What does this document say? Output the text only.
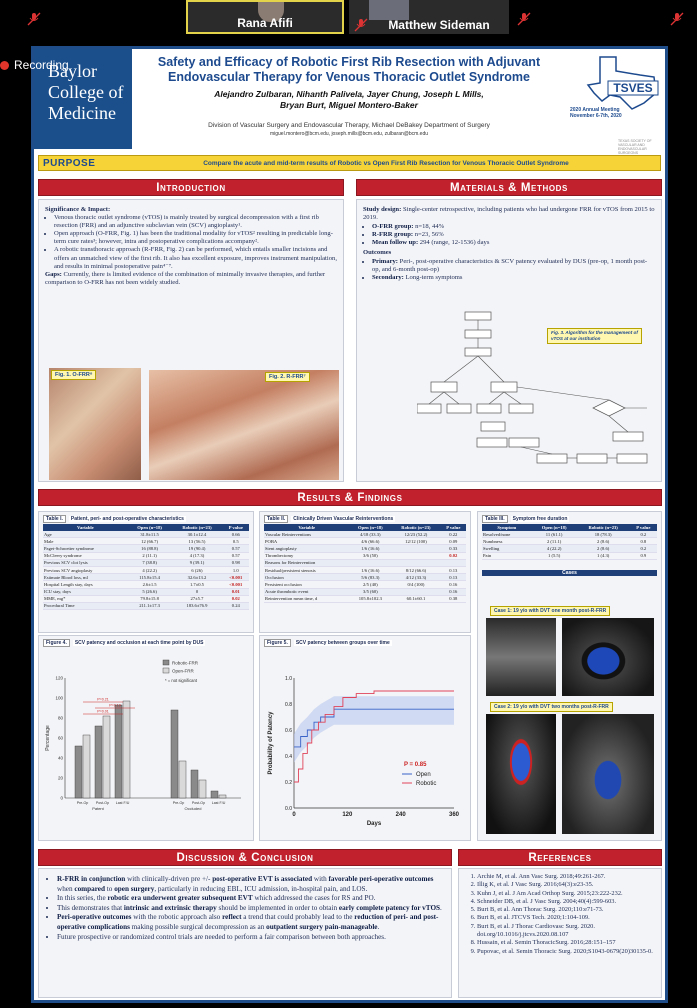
Rana Afifi	Matthew Sideman
Recording
Baylor
College of
Medicine
Safety and Efficacy of Robotic First Rib Resection with Adjuvant
Endovascular Therapy for Venous Thoracic Outlet Syndrome
Alejandro Zulbaran, Nihanth Palivela, Jayer Chung, Joseph L Mills,
Bryan Burt, Miguel Montero-Baker
Division of Vascular Surgery and Endovascular Therapy, Michael DeBakey Department of Surgery
miguel.montero@bcm.edu, joseph.mills@bcm.edu, zulbaran@bcm.edu
TSVES
2020 Annual Meeting
November 6-7th, 2020
TEXAS SOCIETY OF VASCULAR AND ENDOVASCULAR SURGEONS
PURPOSE	Compare the acute and mid-term results of Robotic vs Open First Rib Resection for Venous Thoracic Outlet Syndrome
Introduction
Significance & Impact:
• Venous thoracic outlet syndrome (vTOS) is mainly treated by surgical decompression with a first rib resection (FRR) and an adjunctive subclavian vein (SCV) angioplasty¹.
• Open approach (O-FRR, Fig. 1) has been the traditional modality for vTOS² resulting in predictable long-term cure rates³; however, intra and postoperative complications accompany².
• A robotic transthoracic approach (R-FRR, Fig. 2) can be performed, which entails smaller incisions and offers an unmatched view of the first rib. It also has excellent exposure, improves instrument manipulation, and results in minimal postoperative pain⁴⁻⁷.
Gaps: Currently, there is limited evidence of the combination of minimally invasive therapies, and further comparison to O-FRR has not been widely studied.
Fig. 1. O-FRR⁸	Fig. 2. R-FRR⁷
Materials & Methods
Study design: Single-center retrospective, including patients who had undergone FRR for vTOS from 2015 to 2019.
• O-FRR group: n=18, 44%
• R-FRR group: n=23, 56%
• Mean follow up: 294 (range, 12-1536) days
Outcomes
• Primary: Peri-, post-operative characteristics & SCV patency evaluated by DUS (pre-op, 1 month post-op, and 6-month post-op)
• Secondary: Long-term symptoms
Fig. 3. Algorithm for the management of vTOS at our institution
Results & Findings
Table I. Patient, peri- and post-operative characteristics
Variable	Open (n=18)	Robotic (n=23)	P value
Age	31.8±11.5	30.1±12.4	0.66
Male	12 (66.7)	13 (56.5)	0.5
Paget-Schroetter syndrome	16 (88.8)	19 (90.4)	0.57
McCleery syndrome	2 (11.1)	4 (17.3)	0.57
Previous SCV clot lysis	7 (38.8)	9 (39.1)	0.98
Previous SCV angioplasty	4 (22.2)	6 (26)	1.0
Estimate Blood loss, ml	115.8±15.4	32.6±13.2	<0.001
Hospital Length stay, days	2.6±1.5	1.7±0.5	<0.001
ICU stay, days	5 (26.6)	0	0.01
MME, mg*	79.8±15.8	27±5.7	0.02
Procedural Time	211.1±17.3	183.6±76.9	0.24
Table II. Clinically Driven Vascular Reinterventions
Variable	Open (n=18)	Robotic (n=23)	P value
Vascular Reinterventions	4/18 (33.3)	12/23 (52.2)	0.22
POBA	4/6 (66.6)	12/12 (100)	0.09
Stent angioplasty	1/6 (16.6)		0.33
Thrombectomy	3/6 (50)		0.02
Reasons for Reintervention			
Residual/persistent stenosis	1/6 (16.6)	8/12 (66.6)	0.13
Occlusion	5/6 (83.3)	4/12 (33.3)	0.13
Persistent occlusion	2/5 (40)	0/4 (100)	0.16
Acute thrombotic event	3/5 (60)		0.16
Reintervention mean time, d	105.8±102.3	60.1±60.1	0.38
Table III. Symptom free duration
Symptom	Open (n=18)	Robotic (n=23)	P value
Resolved/none	11 (61.1)	18 (78.3)	0.2
Numbness	2 (11.1)	2 (8.6)	0.8
Swelling	4 (22.2)	2 (8.6)	0.2
Pain	1 (5.5)	1 (4.3)	0.9
Cases
Case 1: 19 y/o with DVT one month post-R-FRR
Case 2: 19 y/o with DVT two months post-R-FRR
Figure 4. SCV patency and occlusion at each time point by DUS
0
20
40
60
80
100
120
Percentage
Pre-Op Post-Op Last F/U	Pre-Op Post-Op Last F/U
Patent	Occluded
P=0.21
P=0.19
P=0.01
Robotic-FRR
Open-FRR
* = not significant
Figure 5. SCV patency between groups over time
0	120	240	360
0.0
0.2
0.4
0.6
0.8
1.0
Days
Probability of Patency	P = 0.85
Open
Robotic
Discussion & Conclusion
• R-FRR in conjunction with clinically-driven pre +/- post-operative EVT is associated with favorable peri-operative outcomes when compared to open surgery, particularly in reducing EBL, ICU admission, in-hospital pain, and LOS.
• In this series, the robotic era underwent greater subsequent EVT which addressed the cases for RS and PO.
• This demonstrates that intrinsic and extrinsic therapy should be implemented in order to obtain early complete patency for vTOS.
• Peri-operative outcomes with the robotic approach also reflect a trend that could probably lead to the reduction of peri- and post-operative complications making possible surgical decompression as an outpatient surgery pain-manageable.
• Future prospective or randomized control trials are needed to perform a fair comparison between both approaches.
References
1. Archie M, et al. Ann Vasc Surg. 2018;49:261-267.
2. Illig K, et al. J Vasc Surg. 2016;64(3):e23-35.
3. Kuhn J, et al. J Am Acad Orthop Surg. 2015;23:222-232.
4. Schneider DB, et al. J Vasc Surg. 2004;40(4):599-603.
5. Burt B, et al. Ann Thorac Surg. 2020;110:e71-73.
6. Burt B, et al. JTCVS Tech. 2020;1:104-109.
7. Burt B, et al. J Thorac Cardiovasc Surg. 2020. doi.org/10.1016/j.jtcvs.2020.08.107
8. Hussain, et al. Semin ThoracicSurg. 2016;28:151–157
9. Pupovac, et al. Semin Thoracic Surg. 2020;S1043-0679(20)30135-0.
